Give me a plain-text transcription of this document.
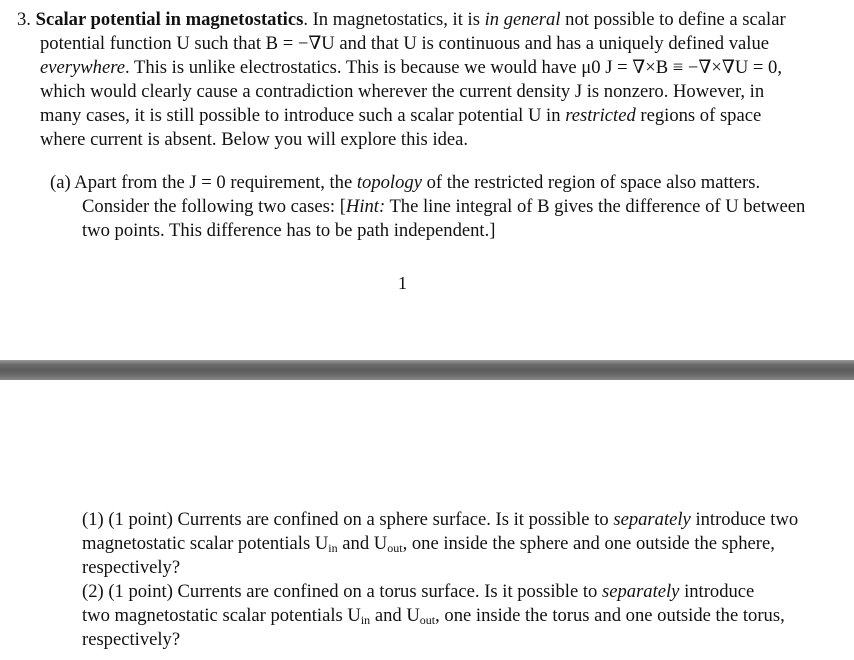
3. Scalar potential in magnetostatics. In magnetostatics, it is in general not possible to define a scalar
potential function U such that B = −∇U and that U is continuous and has a uniquely defined value
everywhere. This is unlike electrostatics. This is because we would have μ0 J = ∇×B ≡ −∇×∇U = 0,
which would clearly cause a contradiction wherever the current density J is nonzero. However, in
many cases, it is still possible to introduce such a scalar potential U in restricted regions of space
where current is absent. Below you will explore this idea.
(a) Apart from the J = 0 requirement, the topology of the restricted region of space also matters.
Consider the following two cases: [Hint: The line integral of B gives the difference of U between
two points. This difference has to be path independent.]
1
(1) (1 point) Currents are confined on a sphere surface. Is it possible to separately introduce two
magnetostatic scalar potentials $U_{in}$ and $U_{out}$, one inside the sphere and one outside the sphere,
respectively?
(2) (1 point) Currents are confined on a torus surface. Is it possible to separately introduce
two magnetostatic scalar potentials $U_{in}$ and $U_{out}$, one inside the torus and one outside the torus,
respectively?
